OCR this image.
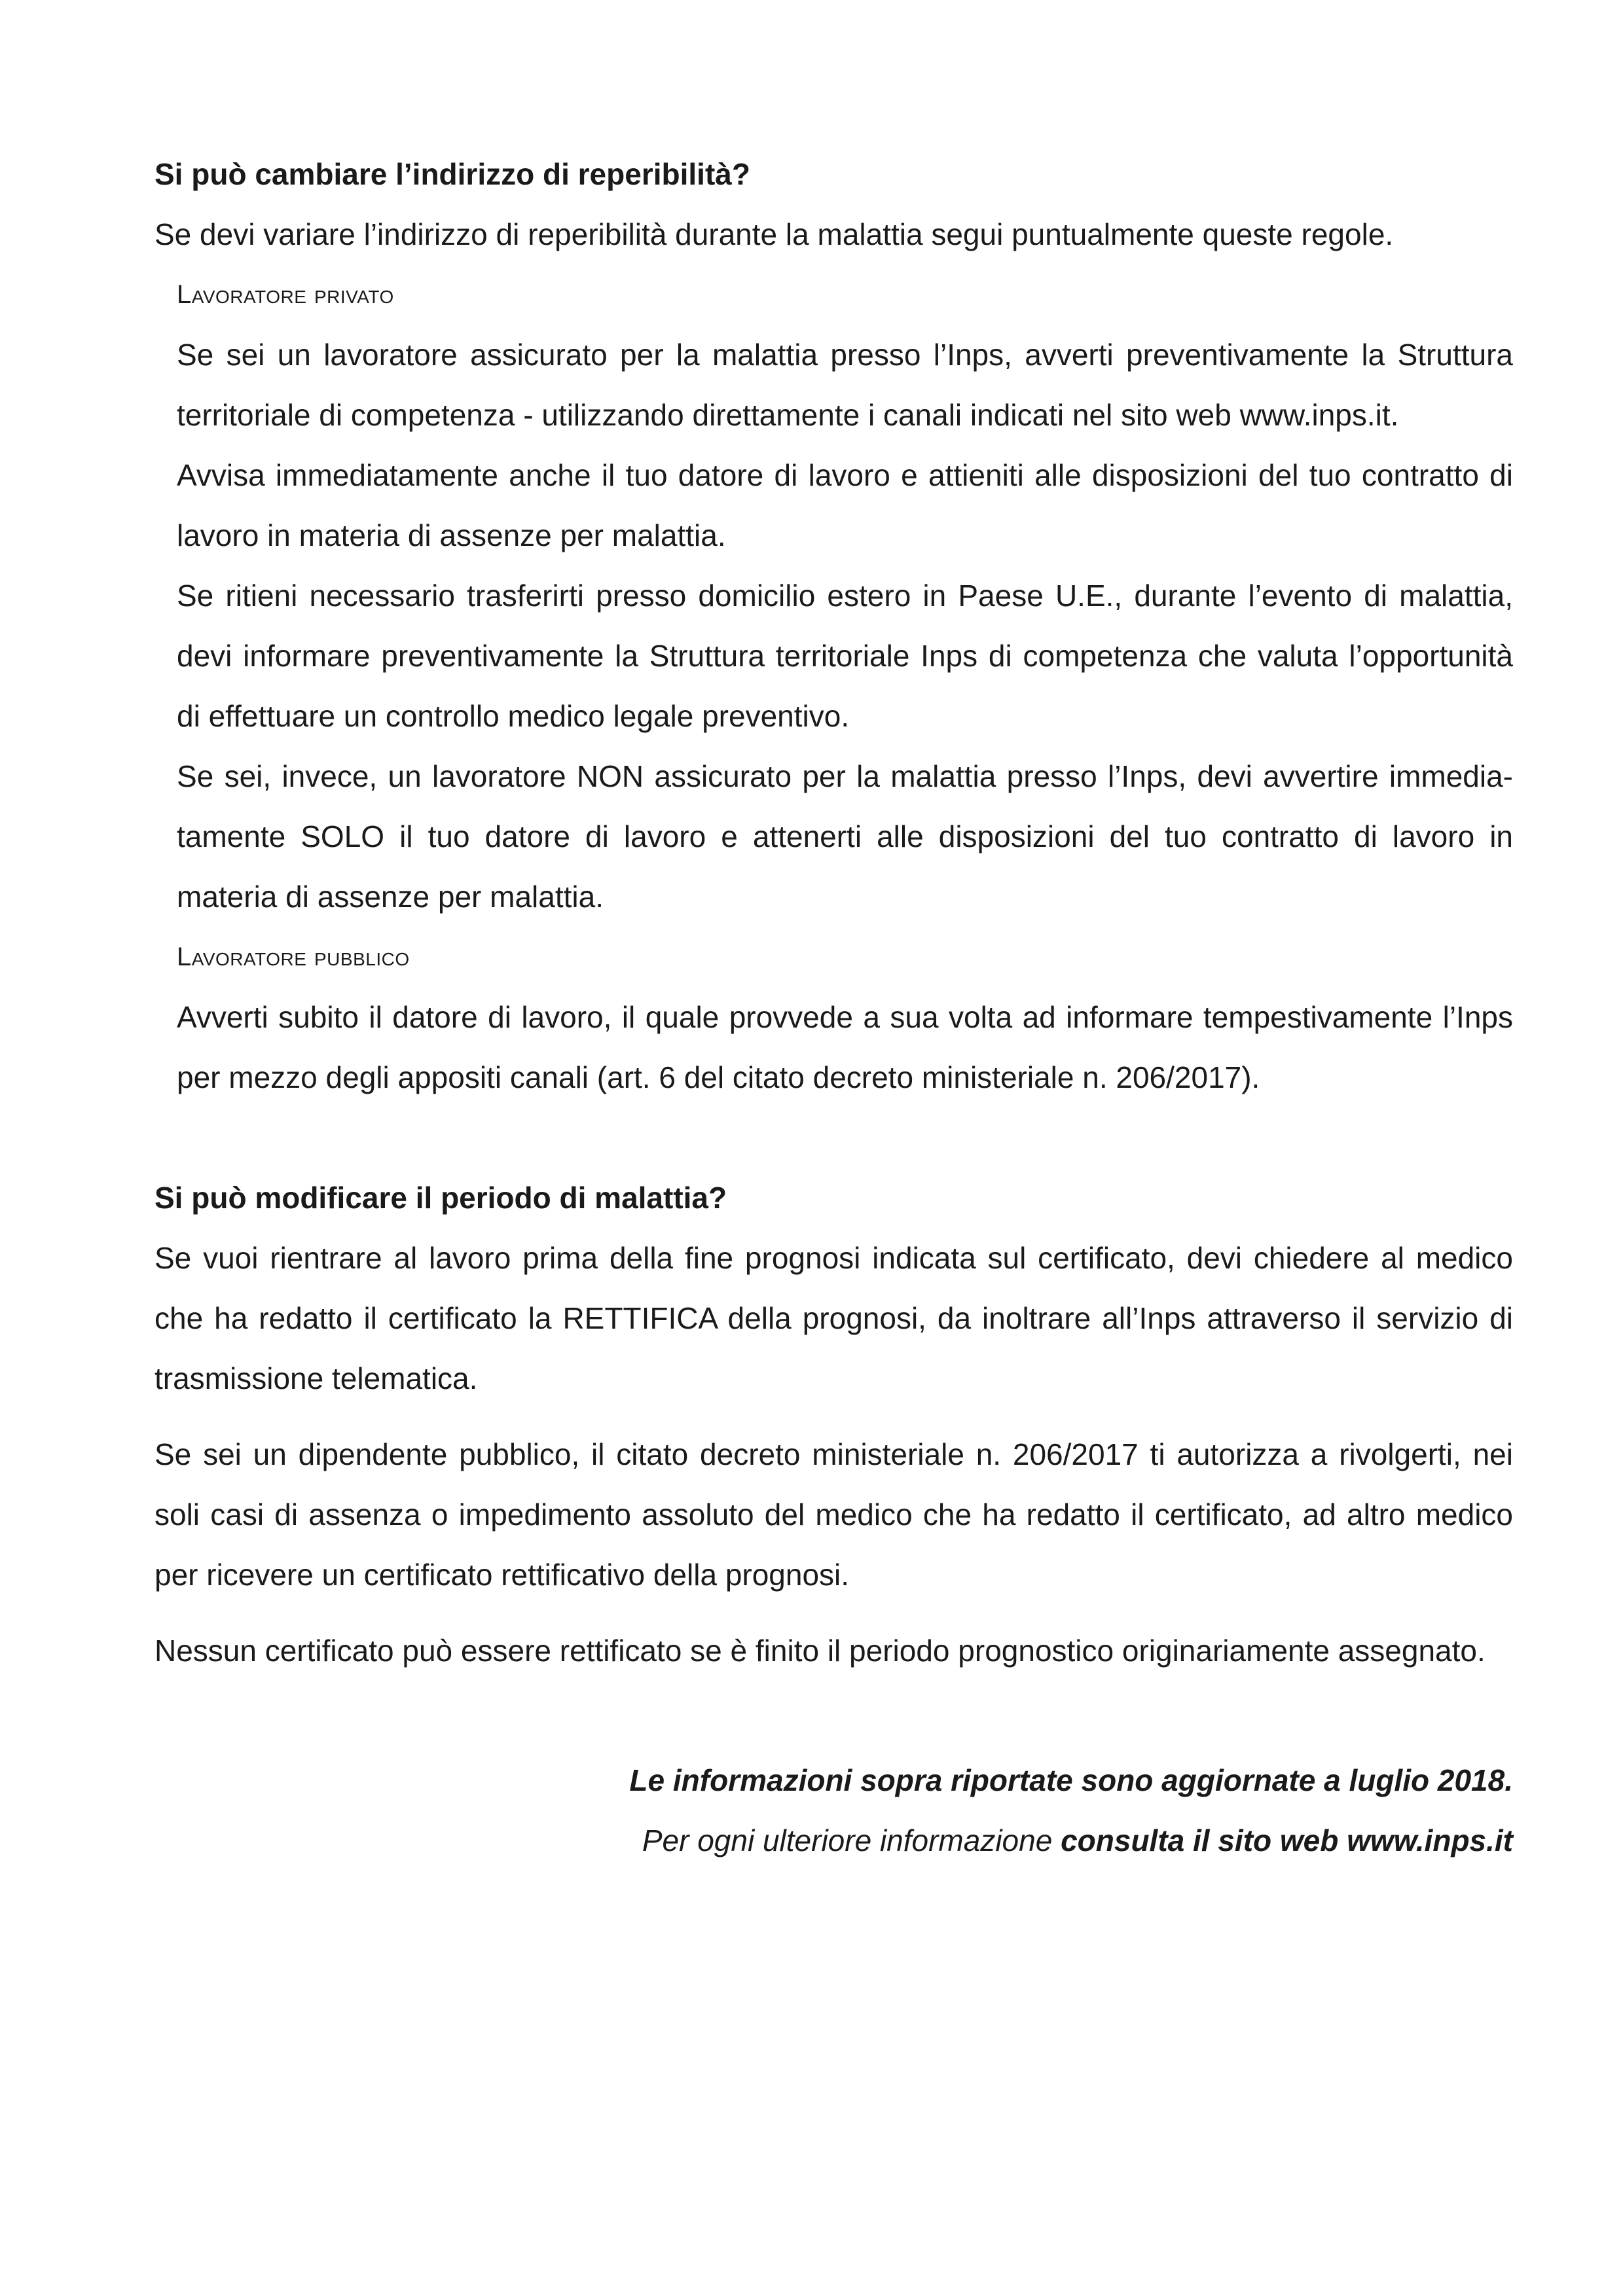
Si può cambiare l’indirizzo di reperibilità?

Se devi variare l’indirizzo di reperibilità durante la malattia segui puntualmente queste regole.

Lavoratore privato

Se sei un lavoratore assicurato per la malattia presso l’Inps, avverti preventivamente la Struttura territoriale di competenza - utilizzando direttamente i canali indicati nel sito web www.inps.it.

Avvisa immediatamente anche il tuo datore di lavoro e attieniti alle disposizioni del tuo contratto di lavoro in materia di assenze per malattia.

Se ritieni necessario trasferirti presso domicilio estero in Paese U.E., durante l’evento di malattia, devi informare preventivamente la Struttura territoriale Inps di competenza che valuta l’opportunità di effettuare un controllo medico legale preventivo.

Se sei, invece, un lavoratore NON assicurato per la malattia presso l’Inps, devi avvertire immediatamente SOLO il tuo datore di lavoro e attenerti alle disposizioni del tuo contratto di lavoro in materia di assenze per malattia.

Lavoratore pubblico

Avverti subito il datore di lavoro, il quale provvede a sua volta ad informare tempestivamente l’Inps per mezzo degli appositi canali (art. 6 del citato decreto ministeriale n. 206/2017).

Si può modificare il periodo di malattia?

Se vuoi rientrare al lavoro prima della fine prognosi indicata sul certificato, devi chiedere al medico che ha redatto il certificato la RETTIFICA della prognosi, da inoltrare all’Inps attraverso il servizio di trasmissione telematica.

Se sei un dipendente pubblico, il citato decreto ministeriale n. 206/2017 ti autorizza a rivolgerti, nei soli casi di assenza o impedimento assoluto del medico che ha redatto il certificato, ad altro medico per ricevere un certificato rettificativo della prognosi.

Nessun certificato può essere rettificato se è finito il periodo prognostico originariamente assegnato.

Le informazioni sopra riportate sono aggiornate a luglio 2018.
Per ogni ulteriore informazione consulta il sito web www.inps.it
